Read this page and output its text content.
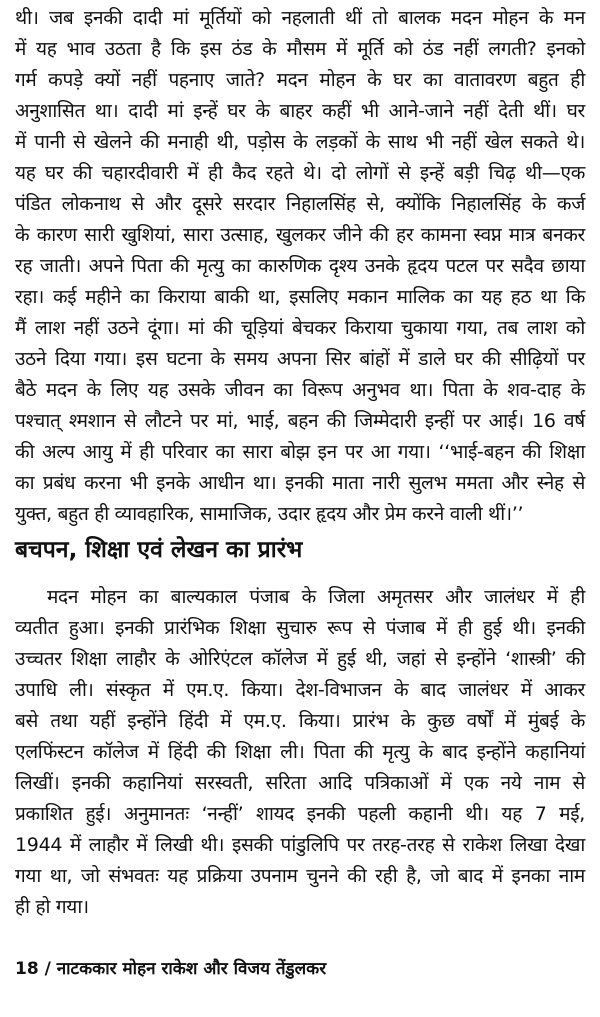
थी। जब इनकी दादी मां मूर्तियों को नहलाती थीं तो बालक मदन मोहन के मन
में यह भाव उठता है कि इस ठंड के मौसम में मूर्ति को ठंड नहीं लगती? इनको
गर्म कपड़े क्यों नहीं पहनाए जाते? मदन मोहन के घर का वातावरण बहुत ही
अनुशासित था। दादी मां इन्हें घर के बाहर कहीं भी आने-जाने नहीं देती थीं। घर
में पानी से खेलने की मनाही थी, पड़ोस के लड़कों के साथ भी नहीं खेल सकते थे।
यह घर की चहारदीवारी में ही कैद रहते थे। दो लोगों से इन्हें बड़ी चिढ़ थी—एक
पंडित लोकनाथ से और दूसरे सरदार निहालसिंह से, क्योंकि निहालसिंह के कर्ज
के कारण सारी खुशियां, सारा उत्साह, खुलकर जीने की हर कामना स्वप्न मात्र बनकर
रह जाती। अपने पिता की मृत्यु का कारुणिक दृश्य उनके हृदय पटल पर सदैव छाया
रहा। कई महीने का किराया बाकी था, इसलिए मकान मालिक का यह हठ था कि
मैं लाश नहीं उठने दूंगा। मां की चूड़ियां बेचकर किराया चुकाया गया, तब लाश को
उठने दिया गया। इस घटना के समय अपना सिर बांहों में डाले घर की सीढ़ियों पर
बैठे मदन के लिए यह उसके जीवन का विरूप अनुभव था। पिता के शव-दाह के
पश्चात् श्मशान से लौटने पर मां, भाई, बहन की जिम्मेदारी इन्हीं पर आई। 16 वर्ष
की अल्प आयु में ही परिवार का सारा बोझ इन पर आ गया। ‘‘भाई-बहन की शिक्षा
का प्रबंध करना भी इनके आधीन था। इनकी माता नारी सुलभ ममता और स्नेह से
युक्त, बहुत ही व्यावहारिक, सामाजिक, उदार हृदय और प्रेम करने वाली थीं।’’
बचपन, शिक्षा एवं लेखन का प्रारंभ
मदन मोहन का बाल्यकाल पंजाब के जिला अमृतसर और जालंधर में ही
व्यतीत हुआ। इनकी प्रारंभिक शिक्षा सुचारु रूप से पंजाब में ही हुई थी। इनकी
उच्चतर शिक्षा लाहौर के ओरिएंटल कॉलेज में हुई थी, जहां से इन्होंने ‘शास्त्री’ की
उपाधि ली। संस्कृत में एम.ए. किया। देश-विभाजन के बाद जालंधर में आकर
बसे तथा यहीं इन्होंने हिंदी में एम.ए. किया। प्रारंभ के कुछ वर्षों में मुंबई के
एलफिंस्टन कॉलेज में हिंदी की शिक्षा ली। पिता की मृत्यु के बाद इन्होंने कहानियां
लिखीं। इनकी कहानियां सरस्वती, सरिता आदि पत्रिकाओं में एक नये नाम से
प्रकाशित हुई। अनुमानतः ‘नन्हीं’ शायद इनकी पहली कहानी थी। यह 7 मई,
1944 में लाहौर में लिखी थी। इसकी पांडुलिपि पर तरह-तरह से राकेश लिखा देखा
गया था, जो संभवतः यह प्रक्रिया उपनाम चुनने की रही है, जो बाद में इनका नाम
ही हो गया।
18 / नाटककार मोहन राकेश और विजय तेंडुलकर
